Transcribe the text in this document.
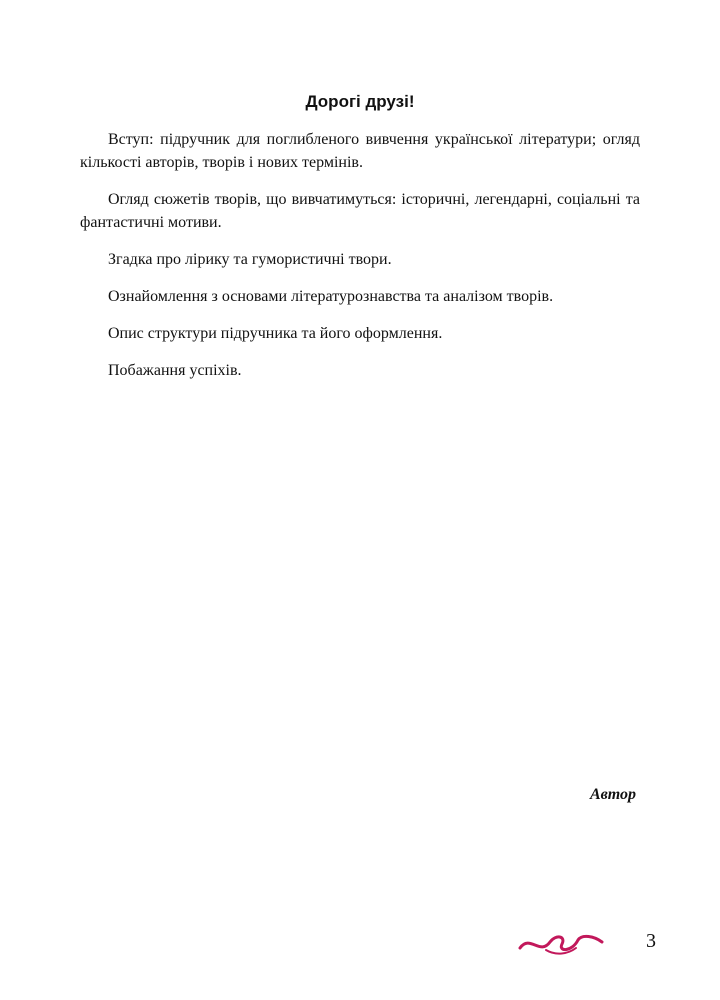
Дорогі друзі!

Вступ: підручник для поглибленого вивчення української літератури; огляд кількості авторів, творів і нових термінів.

Огляд сюжетів творів, що вивчатимуться: історичні, легендарні, соціальні та фантастичні мотиви.

Згадка про лірику та гумористичні твори.

Ознайомлення з основами літературознавства та аналізом творів.

Опис структури підручника та його оформлення.

Побажання успіхів.

Автор
3
